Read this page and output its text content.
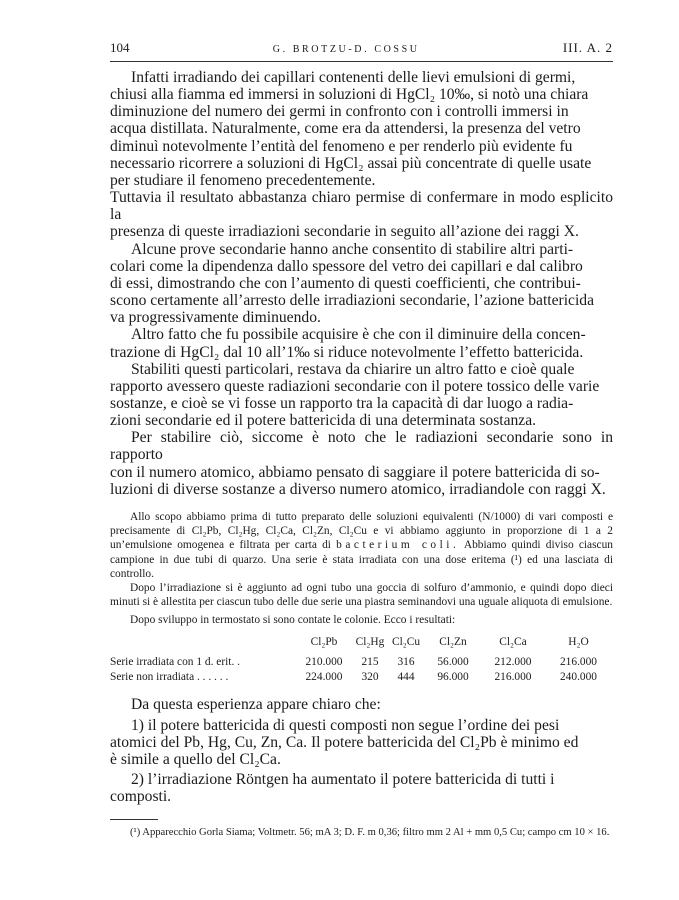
104	G. BROTZU-D. COSSU	III. A. 2

Infatti irradiando dei capillari contenenti delle lievi emulsioni di germi,

chiusi alla fiamma ed immersi in soluzioni di HgCl₂ 10‰, si notò una chiara
diminuzione del numero dei germi in confronto con i controlli immersi in
acqua distillata. Naturalmente, come era da attendersi, la presenza del vetro
diminuì notevolmente l’entità del fenomeno e per renderlo più evidente fu
necessario ricorrere a soluzioni di HgCl₂ assai più concentrate di quelle usate
per studiare il fenomeno precedentemente.

Tuttavia il resultato abbastanza chiaro permise di confermare in modo esplicito la
presenza di queste irradiazioni secondarie in seguito all’azione dei raggi X.

Alcune prove secondarie hanno anche consentito di stabilire altri parti-

colari come la dipendenza dallo spessore del vetro dei capillari e dal calibro
di essi, dimostrando che con l’aumento di questi coefficienti, che contribui-
scono certamente all’arresto delle irradiazioni secondarie, l’azione battericida
va progressivamente diminuendo.

Altro fatto che fu possibile acquisire è che con il diminuire della concen-

trazione di HgCl₂ dal 10 all’1‰ si riduce notevolmente l’effetto battericida.

Stabiliti questi particolari, restava da chiarire un altro fatto e cioè quale

rapporto avessero queste radiazioni secondarie con il potere tossico delle varie
sostanze, e cioè se vi fosse un rapporto tra la capacità di dar luogo a radia-
zioni secondarie ed il potere battericida di una determinata sostanza.

Per stabilire ciò, siccome è noto che le radiazioni secondarie sono in rapporto

con il numero atomico, abbiamo pensato di saggiare il potere battericida di so-
luzioni di diverse sostanze a diverso numero atomico, irradiandole con raggi X.

Allo scopo abbiamo prima di tutto preparato delle soluzioni equivalenti (N/1000) di vari composti e precisamente di Cl₂Pb, Cl₂Hg, Cl₂Ca, Cl₂Zn, Cl₂Cu e vi abbiamo aggiunto in proporzione di 1 a 2 un’emulsione omogenea e filtrata per carta di bacterium coli. Abbiamo quindi diviso ciascun campione in due tubi di quarzo. Una serie è stata irradiata con una dose eritema (¹) ed una lasciata di controllo.

Dopo l’irradiazione si è aggiunto ad ogni tubo una goccia di solfuro d’ammonio, e quindi dopo dieci minuti si è allestita per ciascun tubo delle due serie una piastra seminandovi una uguale aliquota di emulsione.

Dopo sviluppo in termostato si sono contate le colonie. Ecco i resultati:

	Cl₂Pb	Cl₂Hg	Cl₂Cu	Cl₂Zn	Cl₂Ca	H₂O
Serie irradiata con 1 d. erit. .	210.000	215	316	56.000	212.000	216.000
Serie non irradiata . . . . . .	224.000	320	444	96.000	216.000	240.000

Da questa esperienza appare chiaro che:

1) il potere battericida di questi composti non segue l’ordine dei pesi

atomici del Pb, Hg, Cu, Zn, Ca. Il potere battericida del Cl₂Pb è minimo ed
è simile a quello del Cl₂Ca.

2) l’irradiazione Röntgen ha aumentato il potere battericida di tutti i

composti.

(¹) Apparecchio Gorla Siama; Voltmetr. 56; mA 3; D. F. m 0,36; filtro mm 2 Al + mm 0,5 Cu; campo cm 10 × 16.
